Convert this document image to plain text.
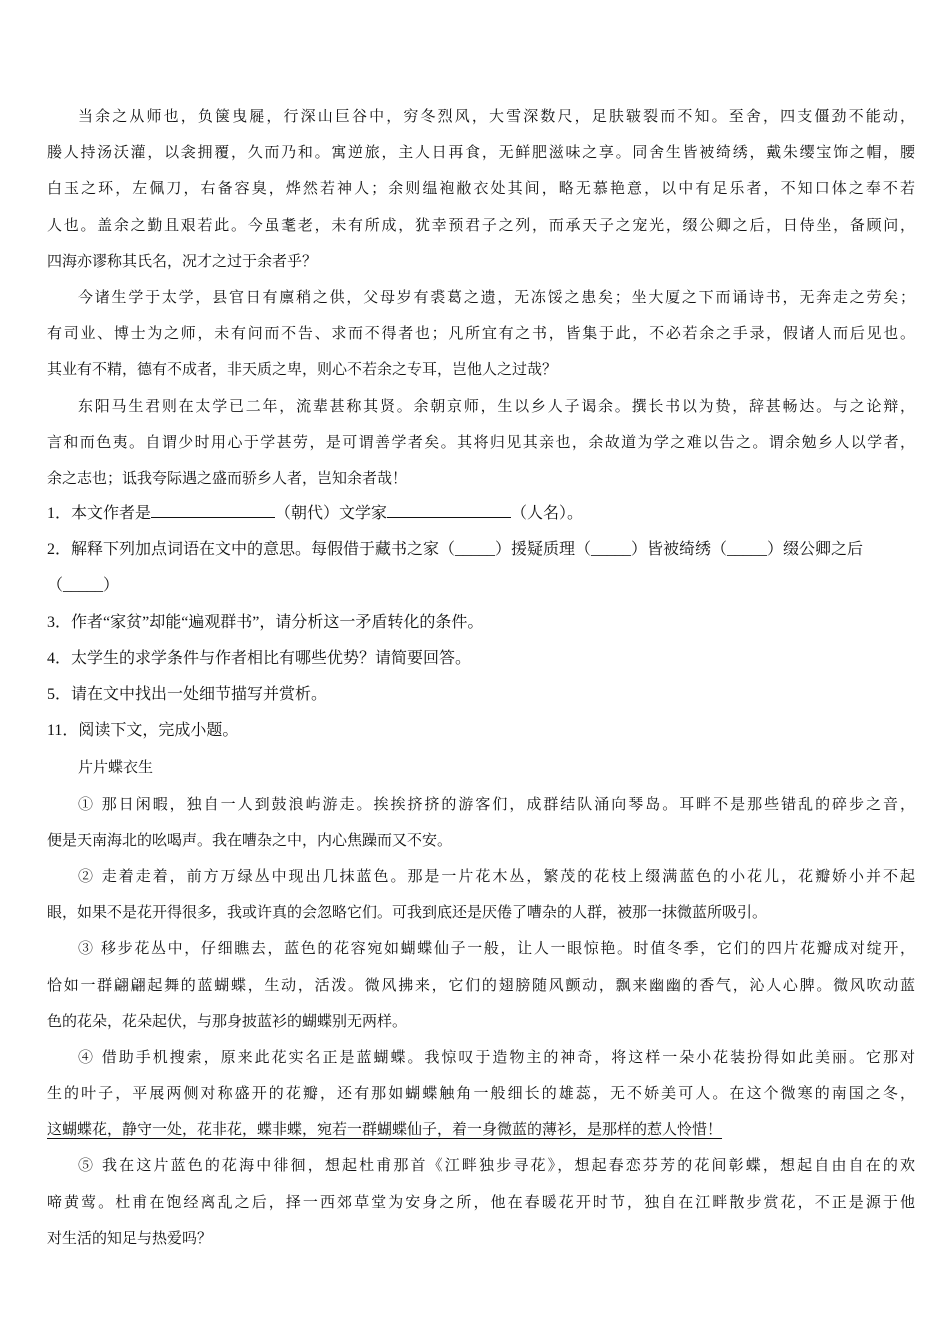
当余之从师也，负箧曳屣，行深山巨谷中，穷冬烈风，大雪深数尺，足肤皲裂而不知。至舍，四支僵劲不能动，
媵人持汤沃灌，以衾拥覆，久而乃和。寓逆旅，主人日再食，无鲜肥滋味之享。同舍生皆被绮绣，戴朱缨宝饰之帽，腰
白玉之环，左佩刀，右备容臭，烨然若神人；余则缊袍敝衣处其间，略无慕艳意，以中有足乐者，不知口体之奉不若
人也。盖余之勤且艰若此。今虽耄老，未有所成，犹幸预君子之列，而承天子之宠光，缀公卿之后，日侍坐，备顾问，
四海亦谬称其氏名，况才之过于余者乎？
今诸生学于太学，县官日有廪稍之供，父母岁有裘葛之遗，无冻馁之患矣；坐大厦之下而诵诗书，无奔走之劳矣；
有司业、博士为之师，未有问而不告、求而不得者也；凡所宜有之书，皆集于此，不必若余之手录，假诸人而后见也。
其业有不精，德有不成者，非天质之卑，则心不若余之专耳，岂他人之过哉？
东阳马生君则在太学已二年，流辈甚称其贤。余朝京师，生以乡人子谒余。撰长书以为贽，辞甚畅达。与之论辩，
言和而色夷。自谓少时用心于学甚劳，是可谓善学者矣。其将归见其亲也，余故道为学之难以告之。谓余勉乡人以学者，
余之志也；诋我夸际遇之盛而骄乡人者，岂知余者哉！
1．本文作者是	（朝代）文学家	（人名）。
2．解释下列加点词语在文中的意思。每假借于藏书之家（_____）援疑质理（_____）皆被绮绣（_____）缀公卿之后
（_____）
3．作者“家贫”却能“遍观群书”，请分析这一矛盾转化的条件。
4．太学生的求学条件与作者相比有哪些优势？请简要回答。
5．请在文中找出一处细节描写并赏析。
11．阅读下文，完成小题。
片片蝶衣生
① 那日闲暇，独自一人到鼓浪屿游走。挨挨挤挤的游客们，成群结队涌向琴岛。耳畔不是那些错乱的碎步之音，
便是天南海北的吆喝声。我在嘈杂之中，内心焦躁而又不安。
② 走着走着，前方万绿丛中现出几抹蓝色。那是一片花木丛，繁茂的花枝上缀满蓝色的小花儿，花瓣娇小并不起
眼，如果不是花开得很多，我或许真的会忽略它们。可我到底还是厌倦了嘈杂的人群，被那一抹微蓝所吸引。
③ 移步花丛中，仔细瞧去，蓝色的花容宛如蝴蝶仙子一般，让人一眼惊艳。时值冬季，它们的四片花瓣成对绽开，
恰如一群翩翩起舞的蓝蝴蝶，生动，活泼。微风拂来，它们的翅膀随风颤动，飘来幽幽的香气，沁人心脾。微风吹动蓝
色的花朵，花朵起伏，与那身披蓝衫的蝴蝶别无两样。
④ 借助手机搜索，原来此花实名正是蓝蝴蝶。我惊叹于造物主的神奇，将这样一朵小花装扮得如此美丽。它那对
生的叶子，平展两侧对称盛开的花瓣，还有那如蝴蝶触角一般细长的雄蕊，无不娇美可人。在这个微寒的南国之冬，
这蝴蝶花，静守一处，花非花，蝶非蝶，宛若一群蝴蝶仙子，着一身微蓝的薄衫，是那样的惹人怜惜！
⑤ 我在这片蓝色的花海中徘徊，想起杜甫那首《江畔独步寻花》，想起春恋芬芳的花间彰蝶，想起自由自在的欢
啼黄莺。杜甫在饱经离乱之后，择一西郊草堂为安身之所，他在春暖花开时节，独自在江畔散步赏花，不正是源于他
对生活的知足与热爱吗？
